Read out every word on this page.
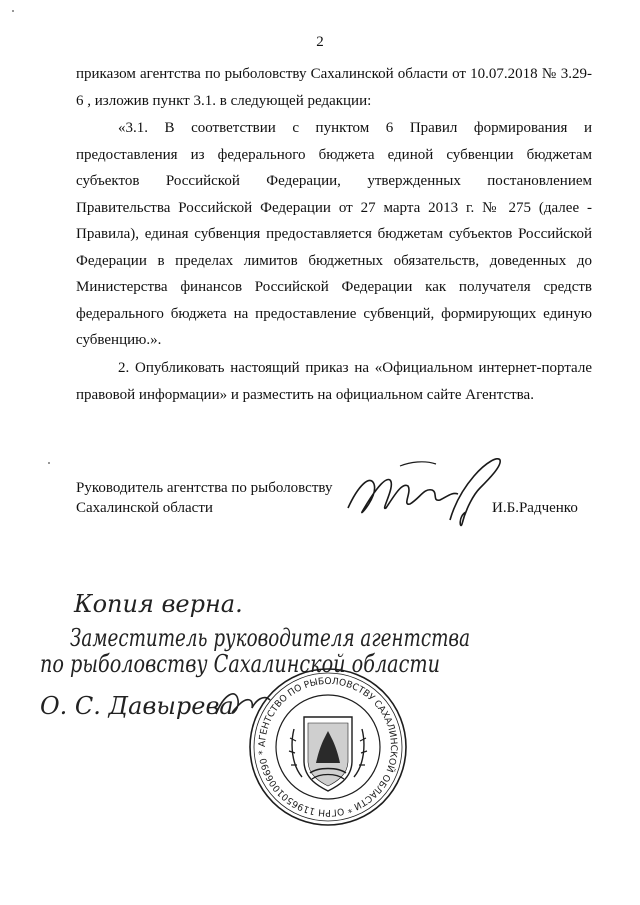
2

приказом агентства по рыболовству Сахалинской области от 10.07.2018 № 3.29-6 , изложив пункт 3.1. в следующей редакции:

«3.1. В соответствии с пунктом 6 Правил формирования и предоставления из федерального бюджета единой субвенции бюджетам субъектов Российской Федерации, утвержденных постановлением Правительства Российской Федерации от 27 марта 2013 г. № 275 (далее - Правила), единая субвенция предоставляется бюджетам субъектов Российской Федерации в пределах лимитов бюджетных обязательств, доведенных до Министерства финансов Российской Федерации как получателя средств федерального бюджета на предоставление субвенций, формирующих единую субвенцию.».

2. Опубликовать настоящий приказ на «Официальном интернет-портале правовой информации» и разместить на официальном сайте Агентства.

Руководитель агентства по рыболовству
Сахалинской области	И.Б.Радченко
Копия верна.
Заместитель руководителя агентства
по рыболовству Сахалинской области
О. С. Давырева
АГЕНТСТВО ПО РЫБОЛОВСТВУ САХАЛИНСКОЙ ОБЛАСТИ * ОГРН 1196501006690 *
